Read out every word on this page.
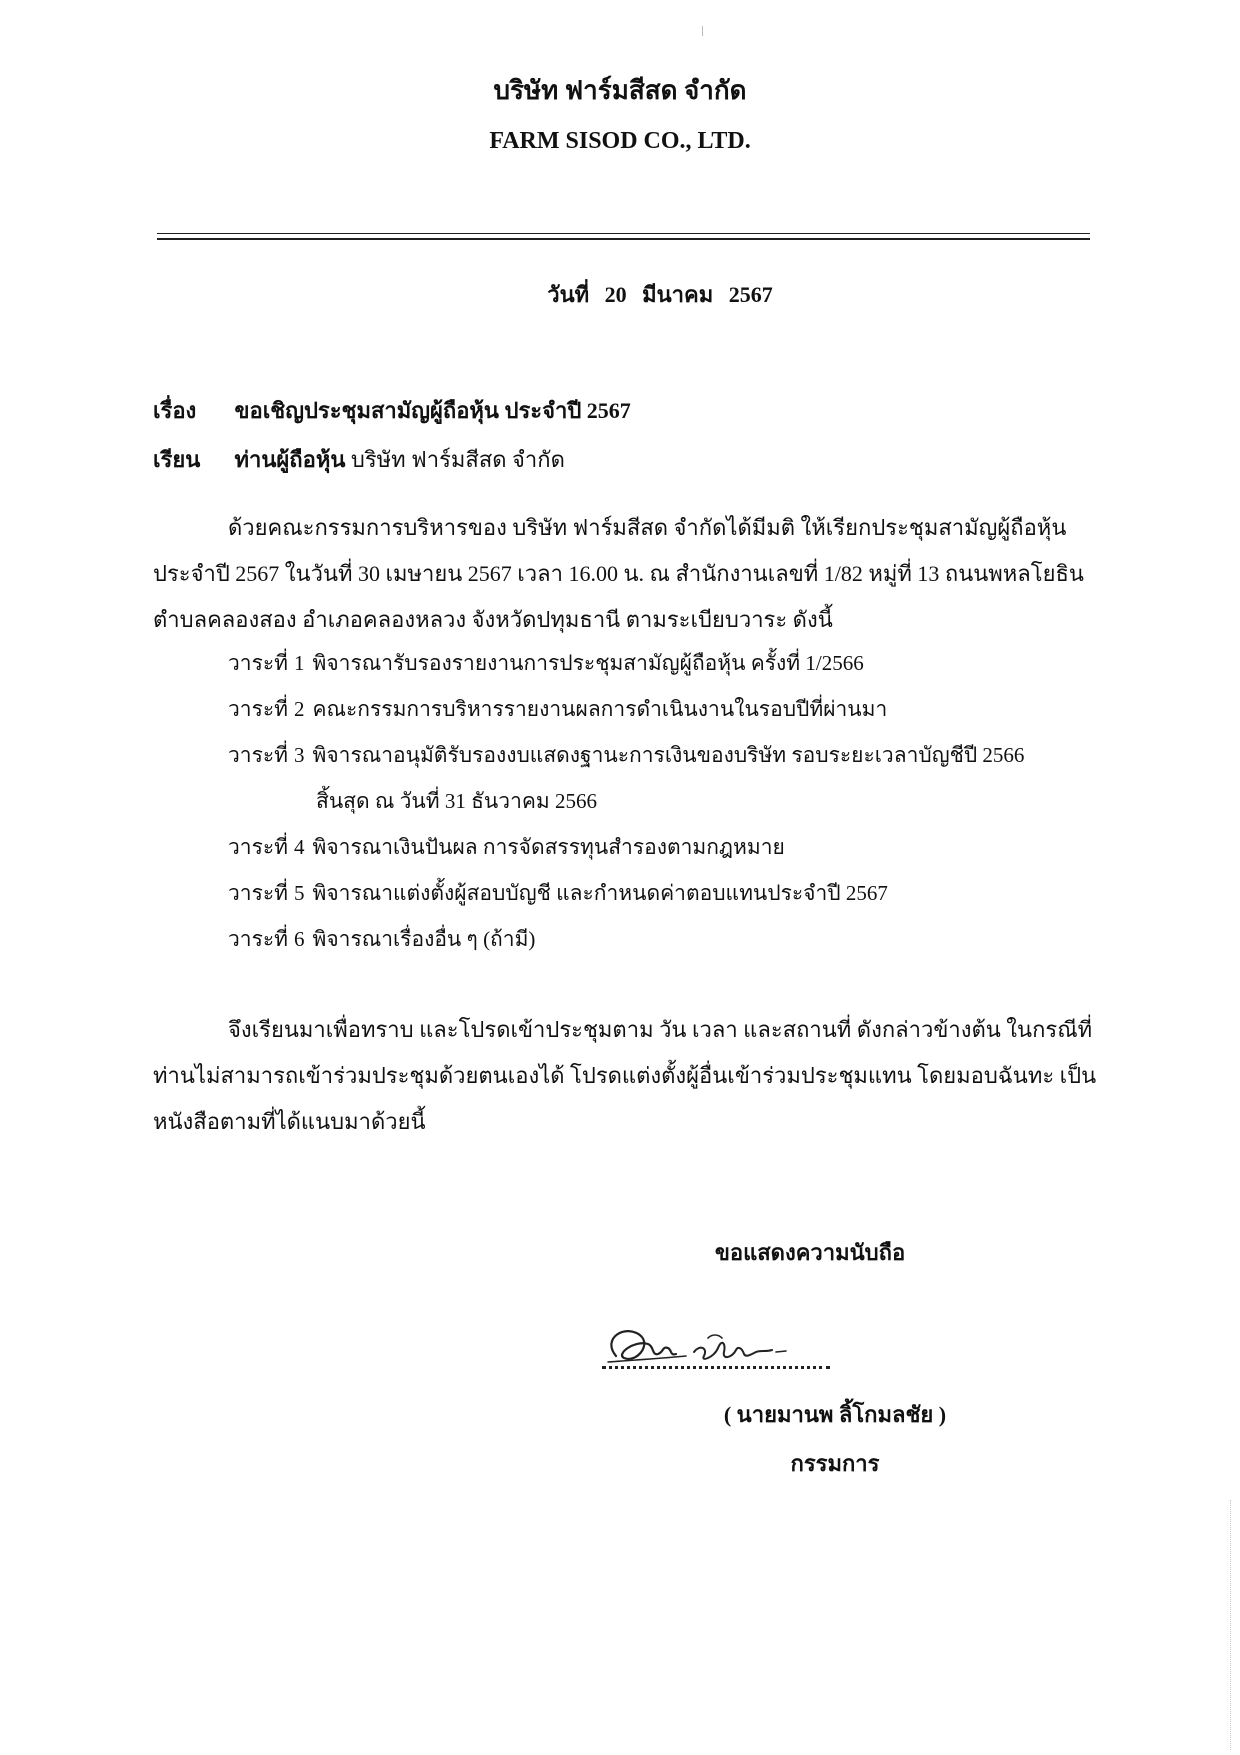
บริษัท ฟาร์มสีสด จำกัด
FARM SISOD CO., LTD.
วันที่ 20 มีนาคม 2567
เรื่อง ขอเชิญประชุมสามัญผู้ถือหุ้น ประจำปี 2567
เรียน ท่านผู้ถือหุ้น บริษัท ฟาร์มสีสด จำกัด
ด้วยคณะกรรมการบริหารของ บริษัท ฟาร์มสีสด จำกัดได้มีมติ ให้เรียกประชุมสามัญผู้ถือหุ้น
ประจำปี 2567 ในวันที่ 30 เมษายน 2567 เวลา 16.00 น. ณ สำนักงานเลขที่ 1/82 หมู่ที่ 13 ถนนพหลโยธิน
ตำบลคลองสอง อำเภอคลองหลวง จังหวัดปทุมธานี ตามระเบียบวาระ ดังนี้
วาระที่ 1 พิจารณารับรองรายงานการประชุมสามัญผู้ถือหุ้น ครั้งที่ 1/2566
วาระที่ 2 คณะกรรมการบริหารรายงานผลการดำเนินงานในรอบปีที่ผ่านมา
วาระที่ 3 พิจารณาอนุมัติรับรองงบแสดงฐานะการเงินของบริษัท รอบระยะเวลาบัญชีปี 2566
สิ้นสุด ณ วันที่ 31 ธันวาคม 2566
วาระที่ 4 พิจารณาเงินปันผล การจัดสรรทุนสำรองตามกฎหมาย
วาระที่ 5 พิจารณาแต่งตั้งผู้สอบบัญชี และกำหนดค่าตอบแทนประจำปี 2567
วาระที่ 6 พิจารณาเรื่องอื่น ๆ (ถ้ามี)
จึงเรียนมาเพื่อทราบ และโปรดเข้าประชุมตาม วัน เวลา และสถานที่ ดังกล่าวข้างต้น ในกรณีที่
ท่านไม่สามารถเข้าร่วมประชุมด้วยตนเองได้ โปรดแต่งตั้งผู้อื่นเข้าร่วมประชุมแทน โดยมอบฉันทะ เป็น
หนังสือตามที่ได้แนบมาด้วยนี้
ขอแสดงความนับถือ
( นายมานพ ลิ้โกมลชัย )
กรรมการ
